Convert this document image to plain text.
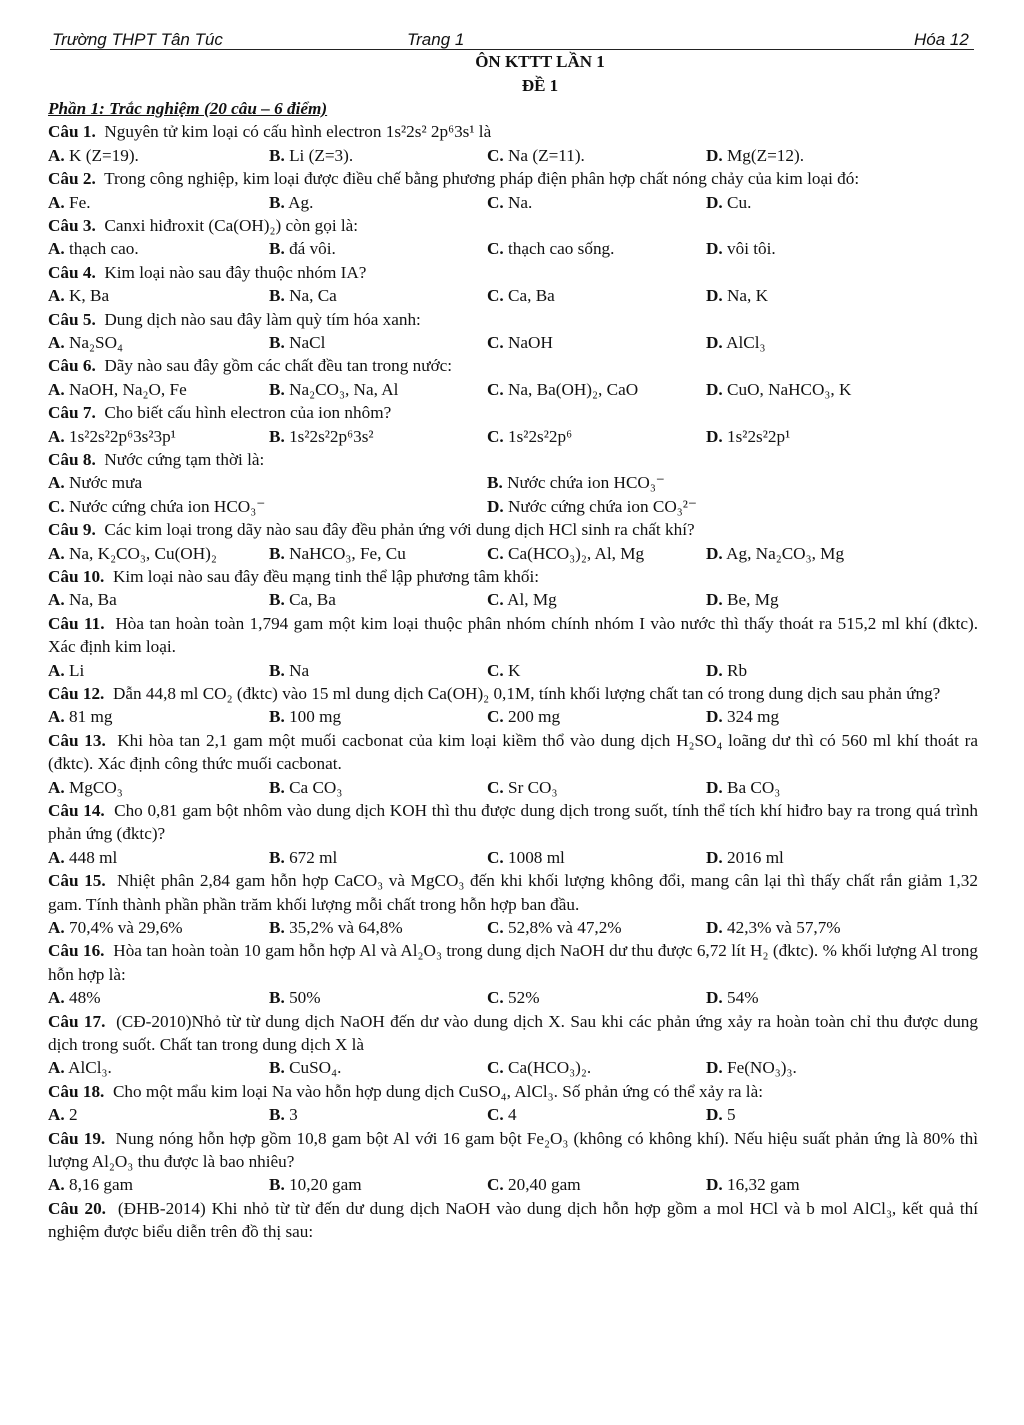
Trường THPT Tân Túc	Trang 1	Hóa 12
ÔN KTTT LẦN 1
ĐỀ 1
Phần 1: Trắc nghiệm (20 câu – 6 điểm)
Câu 1. Nguyên tử kim loại có cấu hình electron 1s²2s² 2p⁶3s¹ là
A. K (Z=19).	B. Li (Z=3).	C. Na (Z=11).	D. Mg(Z=12).
Câu 2. Trong công nghiệp, kim loại được điều chế bằng phương pháp điện phân hợp chất nóng chảy của kim loại đó:
A. Fe.	B. Ag.	C. Na.	D. Cu.
Câu 3. Canxi hiđroxit (Ca(OH)₂) còn gọi là:
A. thạch cao.	B. đá vôi.	C. thạch cao sống.	D. vôi tôi.
Câu 4. Kim loại nào sau đây thuộc nhóm IA?
A. K, Ba	B. Na, Ca	C. Ca, Ba	D. Na, K
Câu 5. Dung dịch nào sau đây làm quỳ tím hóa xanh:
A. Na₂SO₄	B. NaCl	C. NaOH	D. AlCl₃
Câu 6. Dãy nào sau đây gồm các chất đều tan trong nước:
A. NaOH, Na₂O, Fe	B. Na₂CO₃, Na, Al	C. Na, Ba(OH)₂, CaO	D. CuO, NaHCO₃, K
Câu 7. Cho biết cấu hình electron của ion nhôm?
A. 1s²2s²2p⁶3s²3p¹	B. 1s²2s²2p⁶3s²	C. 1s²2s²2p⁶	D. 1s²2s²2p¹
Câu 8. Nước cứng tạm thời là:
A. Nước mưa	B. Nước chứa ion HCO₃⁻
C. Nước cứng chứa ion HCO₃⁻	D. Nước cứng chứa ion CO₃²⁻
Câu 9. Các kim loại trong dãy nào sau đây đều phản ứng với dung dịch HCl sinh ra chất khí?
A. Na, K₂CO₃, Cu(OH)₂	B. NaHCO₃, Fe, Cu	C. Ca(HCO₃)₂, Al, Mg	D. Ag, Na₂CO₃, Mg
Câu 10. Kim loại nào sau đây đều mạng tinh thể lập phương tâm khối:
A. Na, Ba	B. Ca, Ba	C. Al, Mg	D. Be, Mg
Câu 11. Hòa tan hoàn toàn 1,794 gam một kim loại thuộc phân nhóm chính nhóm I vào nước thì thấy thoát ra 515,2 ml khí (đktc). Xác định kim loại.
A. Li	B. Na	C. K	D. Rb
Câu 12. Dẫn 44,8 ml CO₂ (đktc) vào 15 ml dung dịch Ca(OH)₂ 0,1M, tính khối lượng chất tan có trong dung dịch sau phản ứng?
A. 81 mg	B. 100 mg	C. 200 mg	D. 324 mg
Câu 13. Khi hòa tan 2,1 gam một muối cacbonat của kim loại kiềm thổ vào dung dịch H₂SO₄ loãng dư thì có 560 ml khí thoát ra (đktc). Xác định công thức muối cacbonat.
A. MgCO₃	B. Ca CO₃	C. Sr CO₃	D. Ba CO₃
Câu 14. Cho 0,81 gam bột nhôm vào dung dịch KOH thì thu được dung dịch trong suốt, tính thể tích khí hiđro bay ra trong quá trình phản ứng (đktc)?
A. 448 ml	B. 672 ml	C. 1008 ml	D. 2016 ml
Câu 15. Nhiệt phân 2,84 gam hỗn hợp CaCO₃ và MgCO₃ đến khi khối lượng không đổi, mang cân lại thì thấy chất rắn giảm 1,32 gam. Tính thành phần phần trăm khối lượng mỗi chất trong hỗn hợp ban đầu.
A. 70,4% và 29,6%	B. 35,2% và 64,8%	C. 52,8% và 47,2%	D. 42,3% và 57,7%
Câu 16. Hòa tan hoàn toàn 10 gam hỗn hợp Al và Al₂O₃ trong dung dịch NaOH dư thu được 6,72 lít H₂ (đktc). % khối lượng Al trong hỗn hợp là:
A. 48%	B. 50%	C. 52%	D. 54%
Câu 17. (CĐ-2010)Nhỏ từ từ dung dịch NaOH đến dư vào dung dịch X. Sau khi các phản ứng xảy ra hoàn toàn chỉ thu được dung dịch trong suốt. Chất tan trong dung dịch X là
A. AlCl₃.	B. CuSO₄.	C. Ca(HCO₃)₂.	D. Fe(NO₃)₃.
Câu 18. Cho một mẩu kim loại Na vào hỗn hợp dung dịch CuSO₄, AlCl₃. Số phản ứng có thể xảy ra là:
A. 2	B. 3	C. 4	D. 5
Câu 19. Nung nóng hỗn hợp gồm 10,8 gam bột Al với 16 gam bột Fe₂O₃ (không có không khí). Nếu hiệu suất phản ứng là 80% thì lượng Al₂O₃ thu được là bao nhiêu?
A. 8,16 gam	B. 10,20 gam	C. 20,40 gam	D. 16,32 gam
Câu 20. (ĐHB-2014) Khi nhỏ từ từ đến dư dung dịch NaOH vào dung dịch hỗn hợp gồm a mol HCl và b mol AlCl₃, kết quả thí nghiệm được biểu diễn trên đồ thị sau:
